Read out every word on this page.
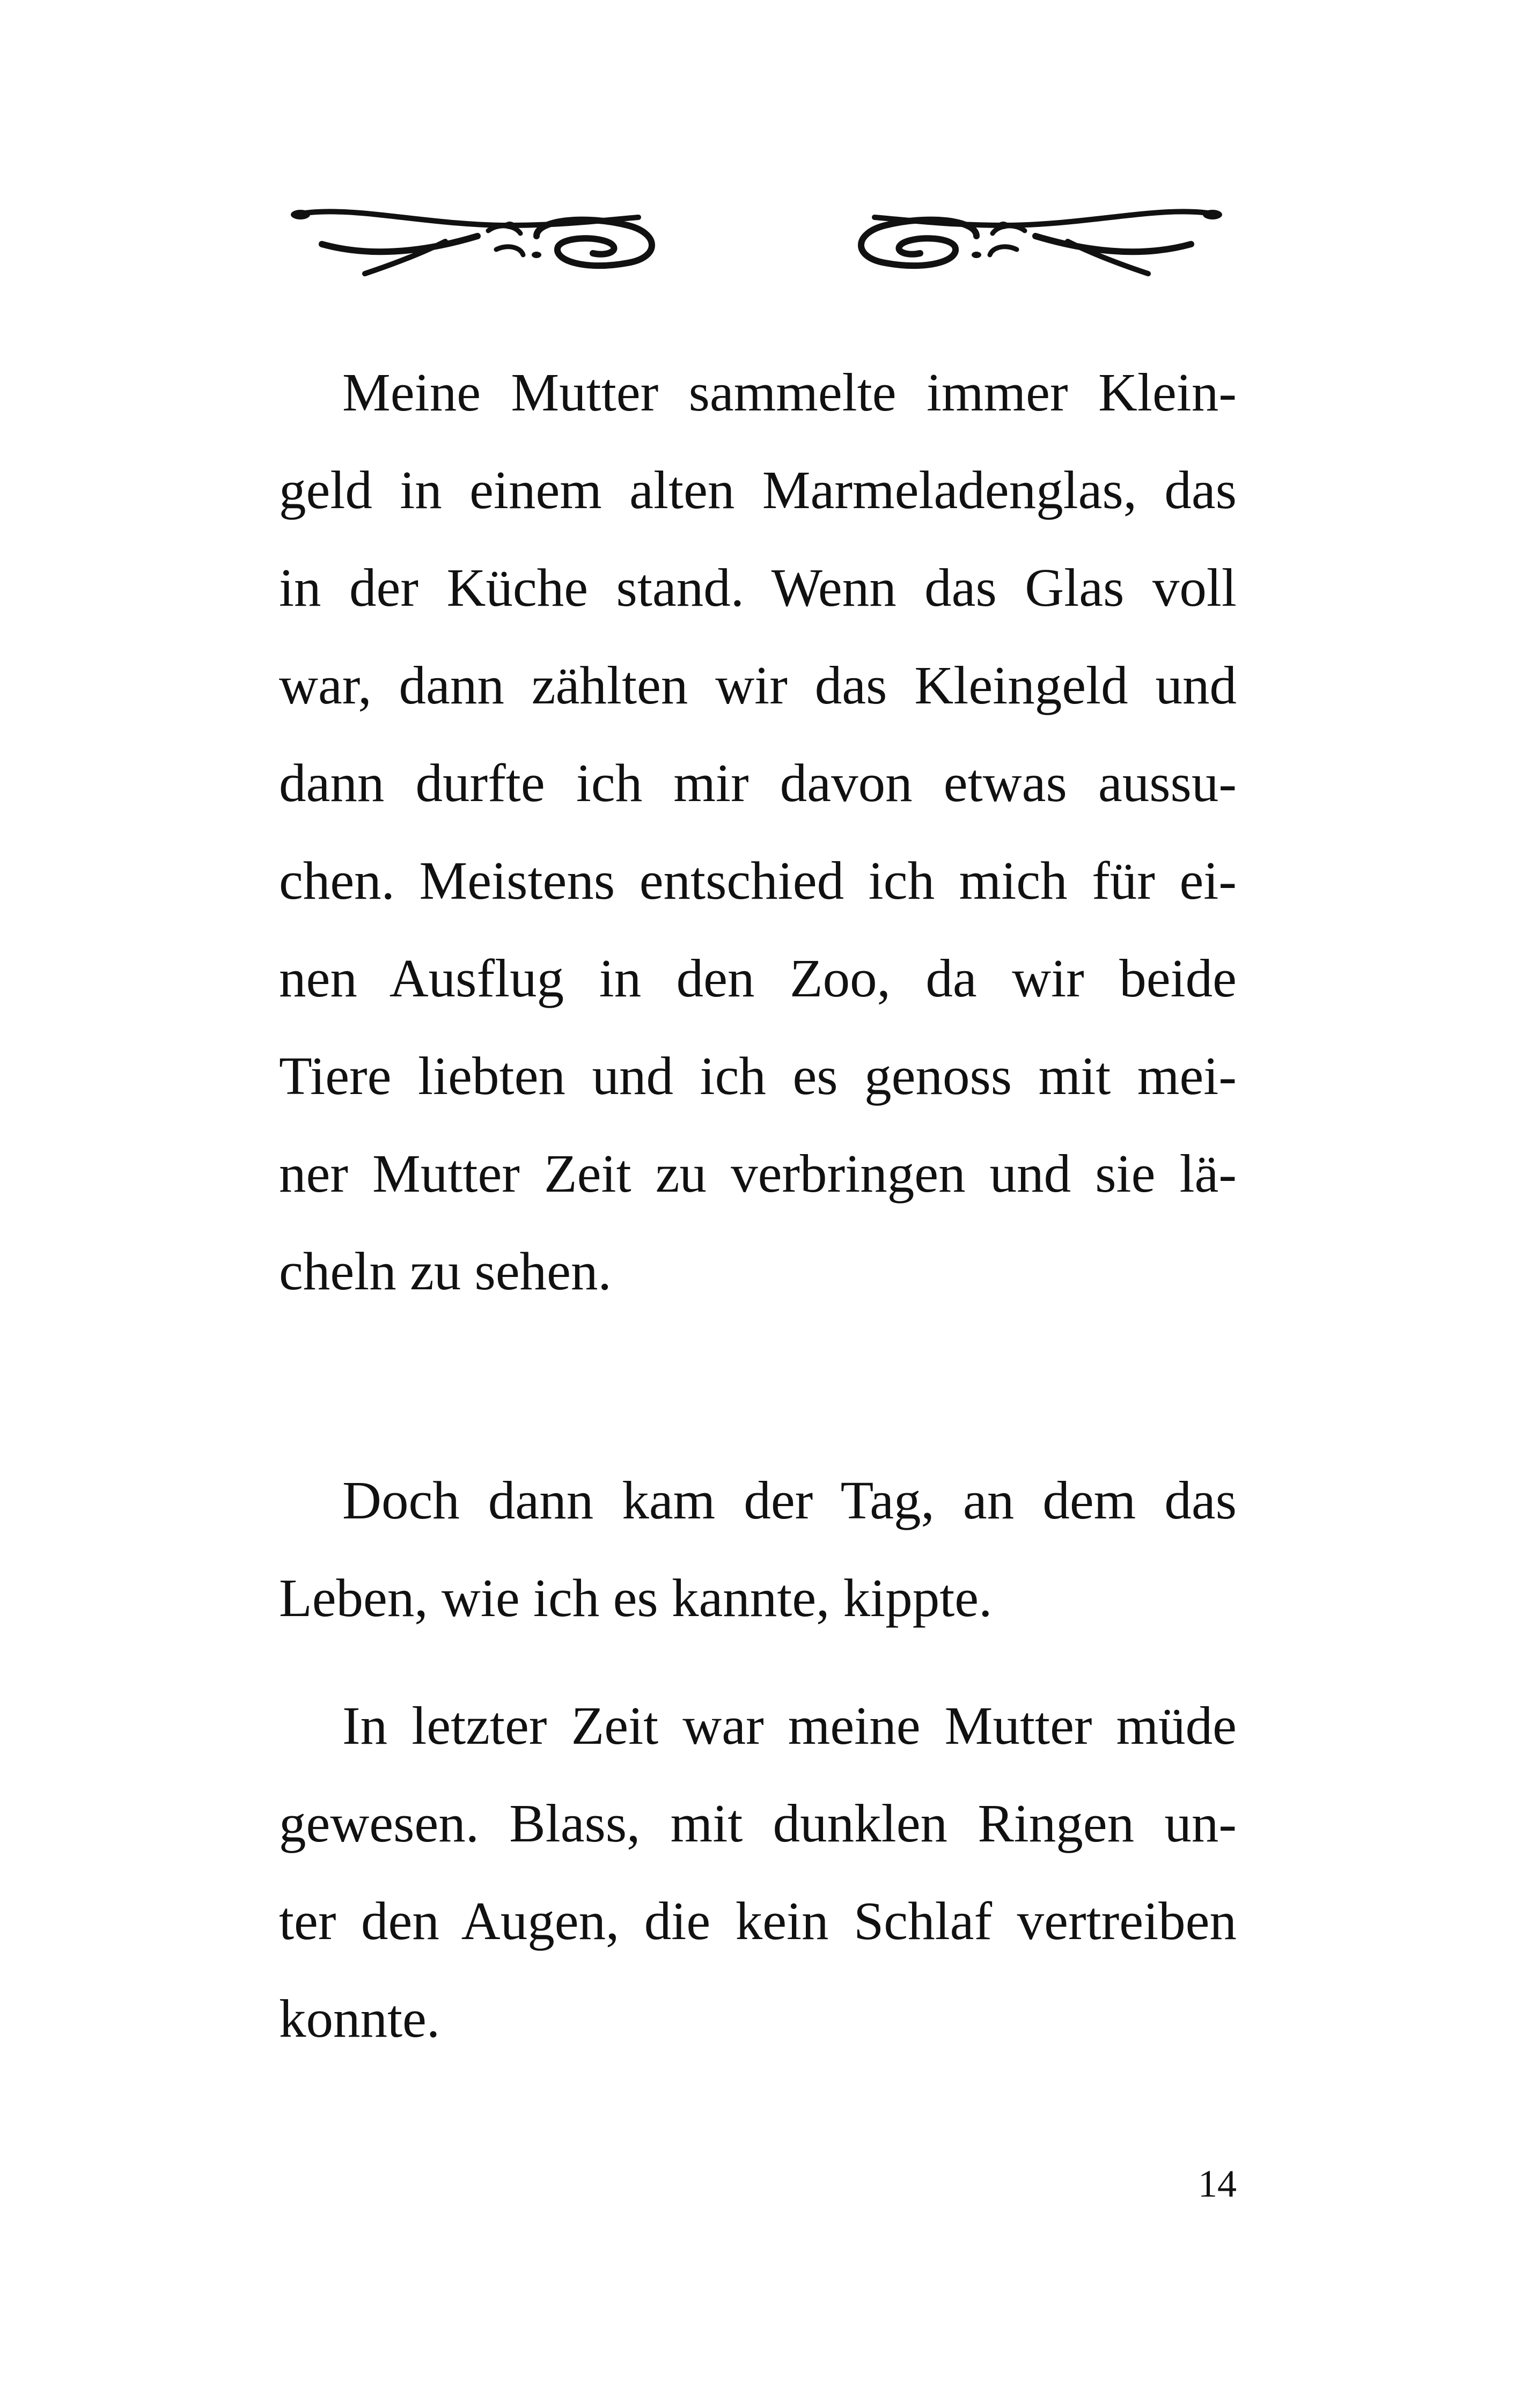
Meine Mutter sammelte immer Klein-
geld in einem alten Marmeladenglas, das
in der Küche stand. Wenn das Glas voll
war, dann zählten wir das Kleingeld und
dann durfte ich mir davon etwas aussu-
chen. Meistens entschied ich mich für ei-
nen Ausflug in den Zoo, da wir beide
Tiere liebten und ich es genoss mit mei-
ner Mutter Zeit zu verbringen und sie lä-
cheln zu sehen.
Doch dann kam der Tag, an dem das
Leben, wie ich es kannte, kippte.
In letzter Zeit war meine Mutter müde
gewesen. Blass, mit dunklen Ringen un-
ter den Augen, die kein Schlaf vertreiben
konnte.
14
